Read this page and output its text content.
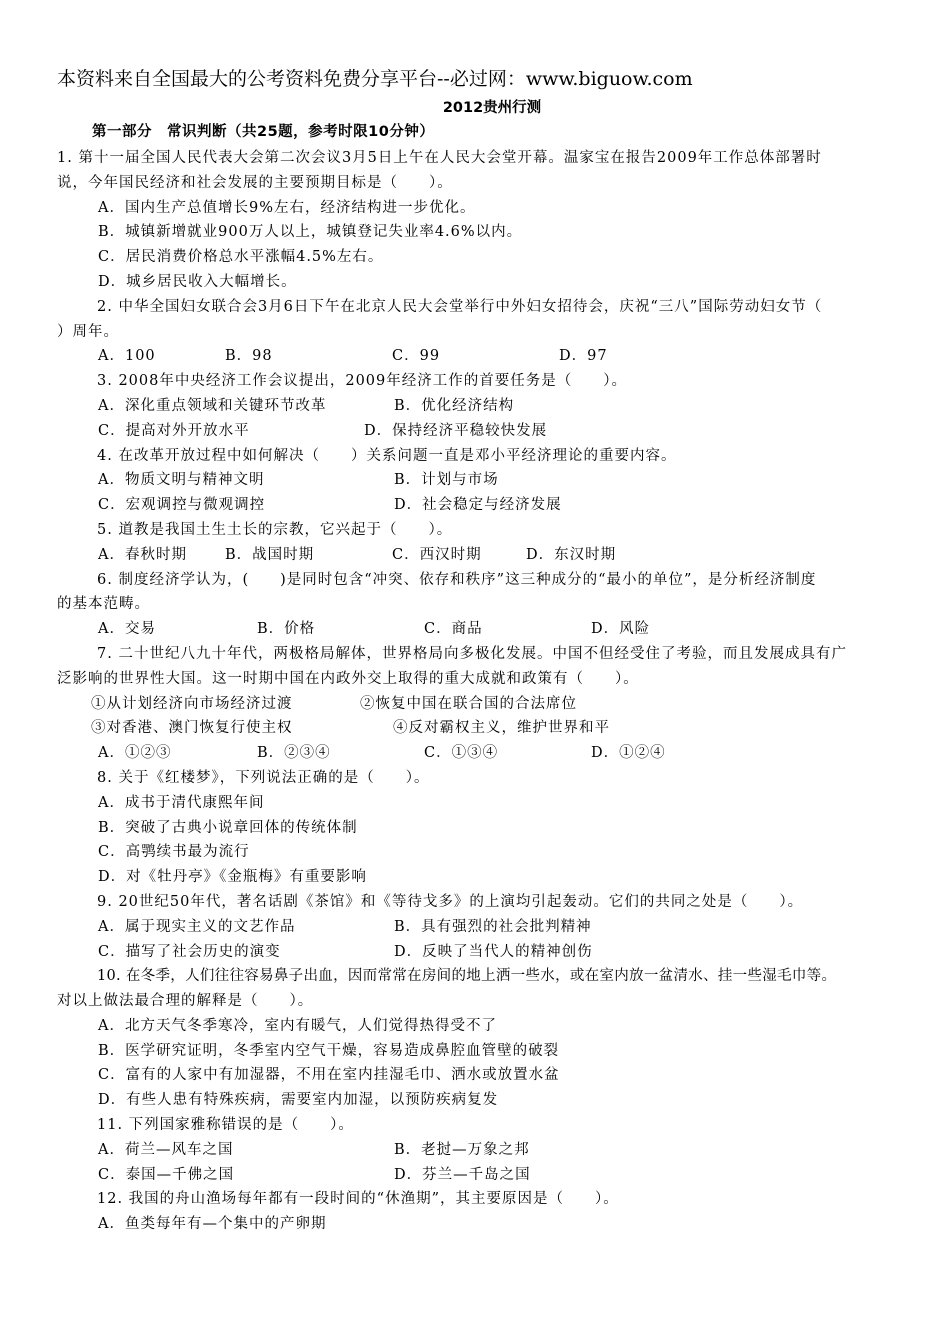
本资料来自全国最大的公考资料免费分享平台--必过网：www.biguow.com
2012贵州行测
第一部分　常识判断（共25题，参考时限10分钟）
1. 第十一届全国人民代表大会第二次会议3月5日上午在人民大会堂开幕。温家宝在报告2009年工作总体部署时
说，今年国民经济和社会发展的主要预期目标是（　　）。
A．国内生产总值增长9%左右，经济结构进一步优化。
B．城镇新增就业900万人以上，城镇登记失业率4.6%以内。
C．居民消费价格总水平涨幅4.5%左右。
D．城乡居民收入大幅增长。
2. 中华全国妇女联合会3月6日下午在北京人民大会堂举行中外妇女招待会，庆祝“三八”国际劳动妇女节（
）周年。
A．100	B．98	C．99	D．97
3. 2008年中央经济工作会议提出，2009年经济工作的首要任务是（　　）。
A．深化重点领域和关键环节改革	B．优化经济结构
C．提高对外开放水平	D．保持经济平稳较快发展
4. 在改革开放过程中如何解决（　　）关系问题一直是邓小平经济理论的重要内容。
A．物质文明与精神文明	B．计划与市场
C．宏观调控与微观调控	D．社会稳定与经济发展
5. 道教是我国土生土长的宗教，它兴起于（　　）。
A．春秋时期	B．战国时期	C．西汉时期	D．东汉时期
6. 制度经济学认为，(　　)是同时包含“冲突、依存和秩序”这三种成分的“最小的单位”，是分析经济制度
的基本范畴。
A．交易	B．价格	C．商品	D．风险
7. 二十世纪八九十年代，两极格局解体，世界格局向多极化发展。中国不但经受住了考验，而且发展成具有广
泛影响的世界性大国。这一时期中国在内政外交上取得的重大成就和政策有（　　）。
①从计划经济向市场经济过渡	②恢复中国在联合国的合法席位
③对香港、澳门恢复行使主权	④反对霸权主义，维护世界和平
A．①②③	B．②③④	C．①③④	D．①②④
8. 关于《红楼梦》，下列说法正确的是（　　）。
A．成书于清代康熙年间
B．突破了古典小说章回体的传统体制
C．高鹗续书最为流行
D．对《牡丹亭》《金瓶梅》有重要影响
9. 20世纪50年代，著名话剧《茶馆》和《等待戈多》的上演均引起轰动。它们的共同之处是（　　）。
A．属于现实主义的文艺作品	B．具有强烈的社会批判精神
C．描写了社会历史的演变	D．反映了当代人的精神创伤
10. 在冬季，人们往往容易鼻子出血，因而常常在房间的地上洒一些水，或在室内放一盆清水、挂一些湿毛巾等。
对以上做法最合理的解释是（　　）。
A．北方天气冬季寒冷，室内有暖气，人们觉得热得受不了
B．医学研究证明，冬季室内空气干燥，容易造成鼻腔血管壁的破裂
C．富有的人家中有加湿器，不用在室内挂湿毛巾、洒水或放置水盆
D．有些人患有特殊疾病，需要室内加湿，以预防疾病复发
11. 下列国家雅称错误的是（　　）。
A．荷兰—风车之国	B．老挝—万象之邦
C．泰国—千佛之国	D．芬兰—千岛之国
12. 我国的舟山渔场每年都有一段时间的“休渔期”，其主要原因是（　　）。
A．鱼类每年有—个集中的产卵期
